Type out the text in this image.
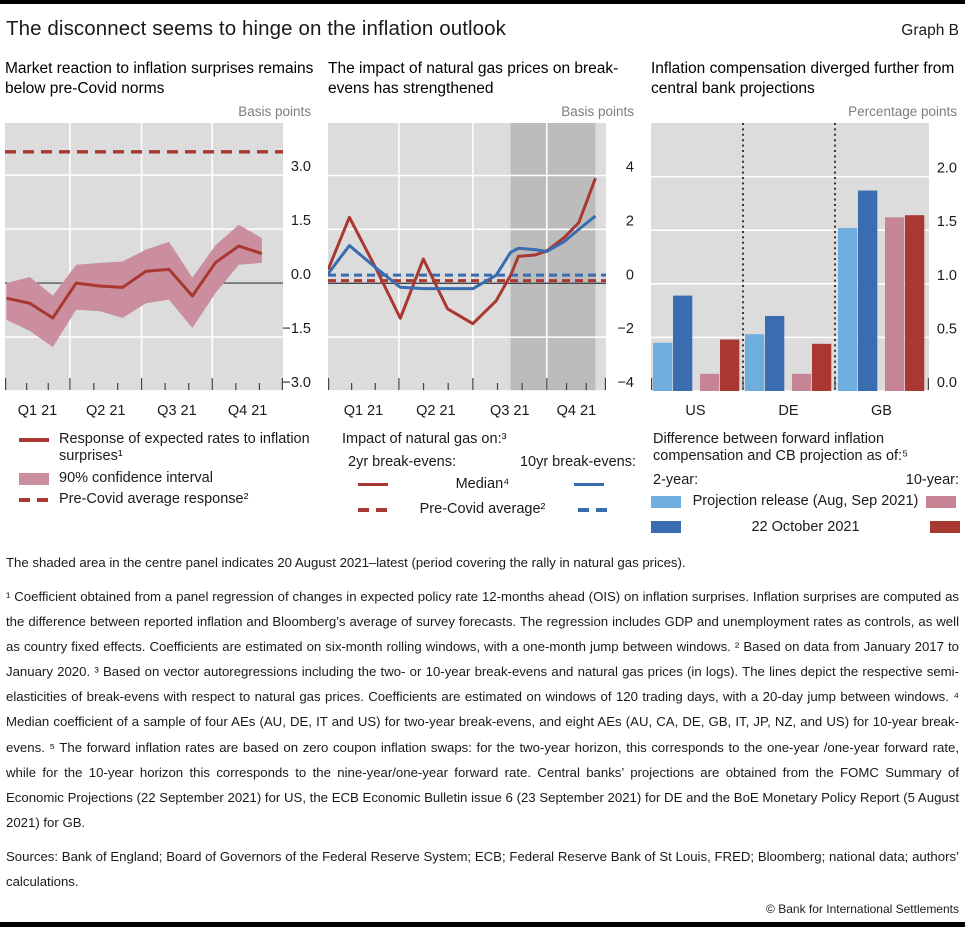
The disconnect seems to hinge on the inflation outlook	Graph B
Market reaction to inflation surprises remains below pre-Covid norms
Basis points
Q1 21 Q2 21 Q3 21 Q4 21
3.0
1.5
0.0
−1.5
−3.0
Response of expected rates to inflation surprises¹
90% confidence interval
Pre-Covid average response²
The impact of natural gas prices on break-evens has strengthened
Basis points
Q1 21 Q2 21 Q3 21 Q4 21
4
2
0
−2
−4
Impact of natural gas on:³
2yr break-evens:	10yr break-evens:
Median⁴
Pre-Covid average²
Inflation compensation diverged further from central bank projections
Percentage points
US	DE	GB
2.0
1.5
1.0
0.5
0.0
Difference between forward inflation compensation and CB projection as of:⁵
2-year:	10-year:
Projection release (Aug, Sep 2021)
22 October 2021

The shaded area in the centre panel indicates 20 August 2021–latest (period covering the rally in natural gas prices).

¹ Coefficient obtained from a panel regression of changes in expected policy rate 12-months ahead (OIS) on inflation surprises. Inflation surprises are computed as the difference between reported inflation and Bloomberg’s average of survey forecasts. The regression includes GDP and unemployment rates as controls, as well as country fixed effects. Coefficients are estimated on six-month rolling windows, with a one-month jump between windows. ² Based on data from January 2017 to January 2020. ³ Based on vector autoregressions including the two- or 10-year break-evens and natural gas prices (in logs). The lines depict the respective semi-elasticities of break-evens with respect to natural gas prices. Coefficients are estimated on windows of 120 trading days, with a 20-day jump between windows. ⁴ Median coefficient of a sample of four AEs (AU, DE, IT and US) for two-year break-evens, and eight AEs (AU, CA, DE, GB, IT, JP, NZ, and US) for 10-year break-evens. ⁵ The forward inflation rates are based on zero coupon inflation swaps: for the two-year horizon, this corresponds to the one-year /one-year forward rate, while for the 10-year horizon this corresponds to the nine-year/one-year forward rate. Central banks’ projections are obtained from the FOMC Summary of Economic Projections (22 September 2021) for US, the ECB Economic Bulletin issue 6 (23 September 2021) for DE and the BoE Monetary Policy Report (5 August 2021) for GB.

Sources: Bank of England; Board of Governors of the Federal Reserve System; ECB; Federal Reserve Bank of St Louis, FRED; Bloomberg; national data; authors’ calculations.

© Bank for International Settlements
